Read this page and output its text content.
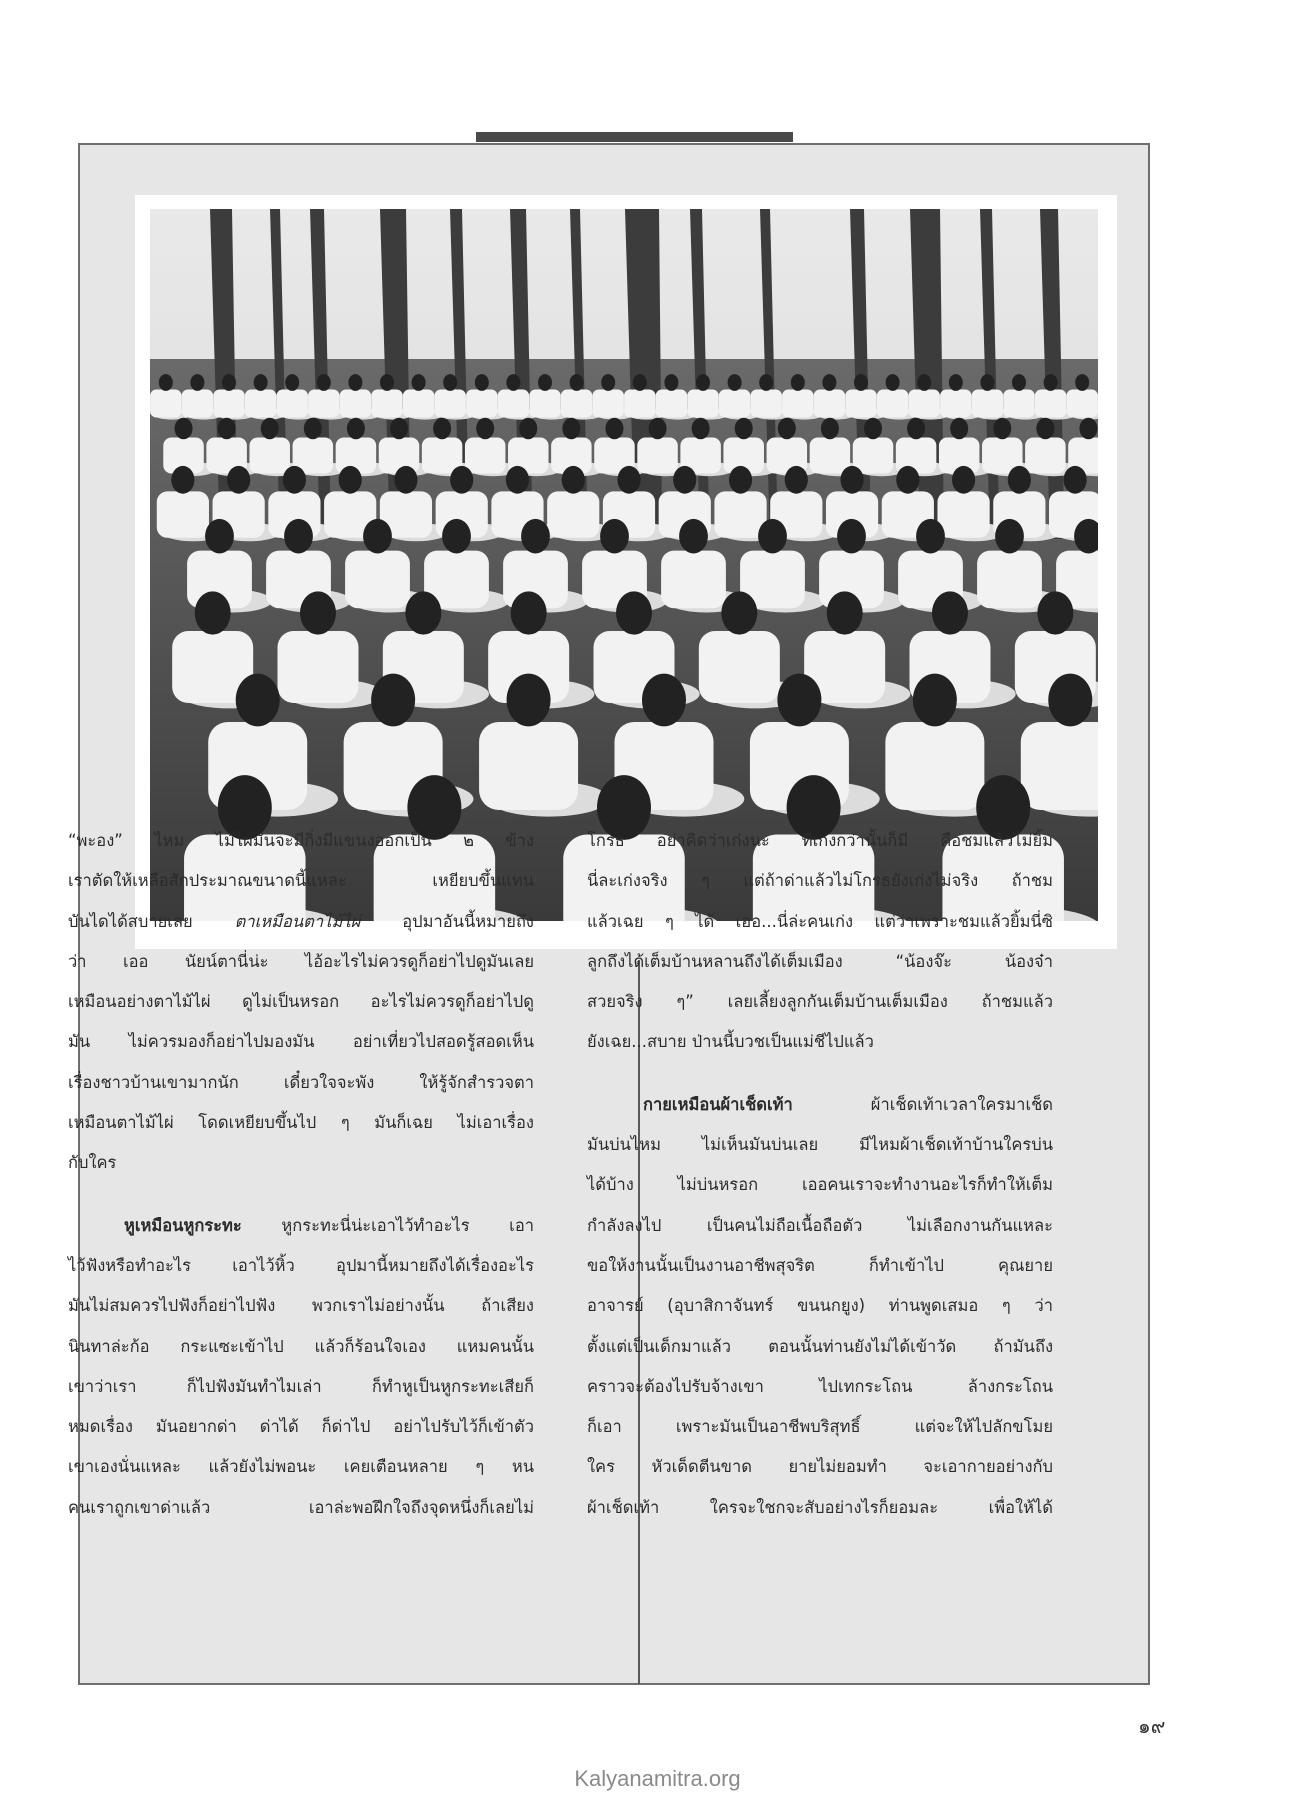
“พะอง” ไหม ไม้ไผ่มันจะมีกิ่งมีแขนงออกเป็น ๒ ข้าง
เราตัดให้เหลือสักประมาณขนาดนี้แหละ เหยียบขึ้นแทน
บันไดได้สบายเลย ตาเหมือนตาไม้ไผ่ อุปมาอันนี้หมายถึง
ว่า เออ นัยน์ตานี่น่ะ ไอ้อะไรไม่ควรดูก็อย่าไปดูมันเลย
เหมือนอย่างตาไม้ไผ่ ดูไม่เป็นหรอก อะไรไม่ควรดูก็อย่าไปดู
มัน ไม่ควรมองก็อย่าไปมองมัน อย่าเที่ยวไปสอดรู้สอดเห็น
เรื่องชาวบ้านเขามากนัก เดี๋ยวใจจะพัง ให้รู้จักสำรวจตา
เหมือนตาไม้ไผ่ โดดเหยียบขึ้นไป ๆ มันก็เฉย ไม่เอาเรื่อง
กับใคร
หูเหมือนหูกระทะ หูกระทะนี่น่ะเอาไว้ทำอะไร เอา
ไว้ฟังหรือทำอะไร เอาไว้หิ้ว อุปมานี้หมายถึงได้เรื่องอะไร
มันไม่สมควรไปฟังก็อย่าไปฟัง พวกเราไม่อย่างนั้น ถ้าเสียง
นินทาล่ะก้อ กระแซะเข้าไป แล้วก็ร้อนใจเอง แหมคนนั้น
เขาว่าเรา ก็ไปฟังมันทำไมเล่า ก็ทำหูเป็นหูกระทะเสียก็
หมดเรื่อง มันอยากด่า ด่าได้ ก็ด่าไป อย่าไปรับไว้ก็เข้าตัว
เขาเองนั่นแหละ แล้วยังไม่พอนะ เคยเตือนหลาย ๆ หน
คนเราถูกเขาด่าแล้ว เอาล่ะพอฝึกใจถึงจุดหนึ่งก็เลยไม่
โกรธ อย่าคิดว่าเก่งนะ ที่เก่งกว่านั้นก็มี คือชมแล้วไม่ยิ้ม
นี่ละเก่งจริง ๆ แต่ถ้าด่าแล้วไม่โกรธยังเก่งไม่จริง ถ้าชม
แล้วเฉย ๆ ได้ เออ...นี่ล่ะคนเก่ง แต่ว่าเพราะชมแล้วยิ้มนี่ซิ
ลูกถึงได้เต็มบ้านหลานถึงได้เต็มเมือง “น้องจ๊ะ น้องจ๋า
สวยจริง ๆ” เลยเลี้ยงลูกกันเต็มบ้านเต็มเมือง ถ้าชมแล้ว
ยังเฉย...สบาย ป่านนี้บวชเป็นแม่ชีไปแล้ว
กายเหมือนผ้าเช็ดเท้า ผ้าเช็ดเท้าเวลาใครมาเช็ด
มันบ่นไหม ไม่เห็นมันบ่นเลย มีไหมผ้าเช็ดเท้าบ้านใครบ่น
ได้บ้าง ไม่บ่นหรอก เออคนเราจะทำงานอะไรก็ทำให้เต็ม
กำลังลงไป เป็นคนไม่ถือเนื้อถือตัว ไม่เลือกงานกันแหละ
ขอให้งานนั้นเป็นงานอาชีพสุจริต ก็ทำเข้าไป คุณยาย
อาจารย์ (อุบาสิกาจันทร์ ขนนกยูง) ท่านพูดเสมอ ๆ ว่า
ตั้งแต่เป็นเด็กมาแล้ว ตอนนั้นท่านยังไม่ได้เข้าวัด ถ้ามันถึง
คราวจะต้องไปรับจ้างเขา ไปเทกระโถน ล้างกระโถน
ก็เอา เพราะมันเป็นอาชีพบริสุทธิ์ แต่จะให้ไปลักขโมย
ใคร หัวเด็ดตีนขาด ยายไม่ยอมทำ จะเอากายอย่างกับ
ผ้าเช็ดเท้า ใครจะใชกจะสับอย่างไรก็ยอมละ เพื่อให้ได้
๑๙
Kalyanamitra.org
